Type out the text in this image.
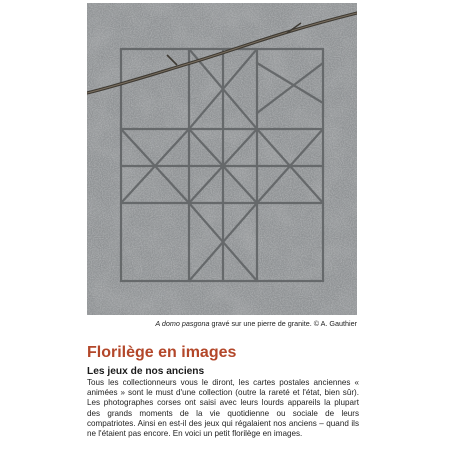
A domo pasgona gravé sur une pierre de granite. © A. Gauthier
Florilège en images
Les jeux de nos anciens

Tous les collectionneurs vous le diront, les cartes postales anciennes « animées » sont le must d'une collection (outre la rareté et l'état, bien sûr). Les photographes corses ont saisi avec leurs lourds appareils la plupart des grands moments de la vie quotidienne ou sociale de leurs compatriotes. Ainsi en est-il des jeux qui régalaient nos anciens – quand ils ne l'étaient pas encore. En voici un petit florilège en images.
